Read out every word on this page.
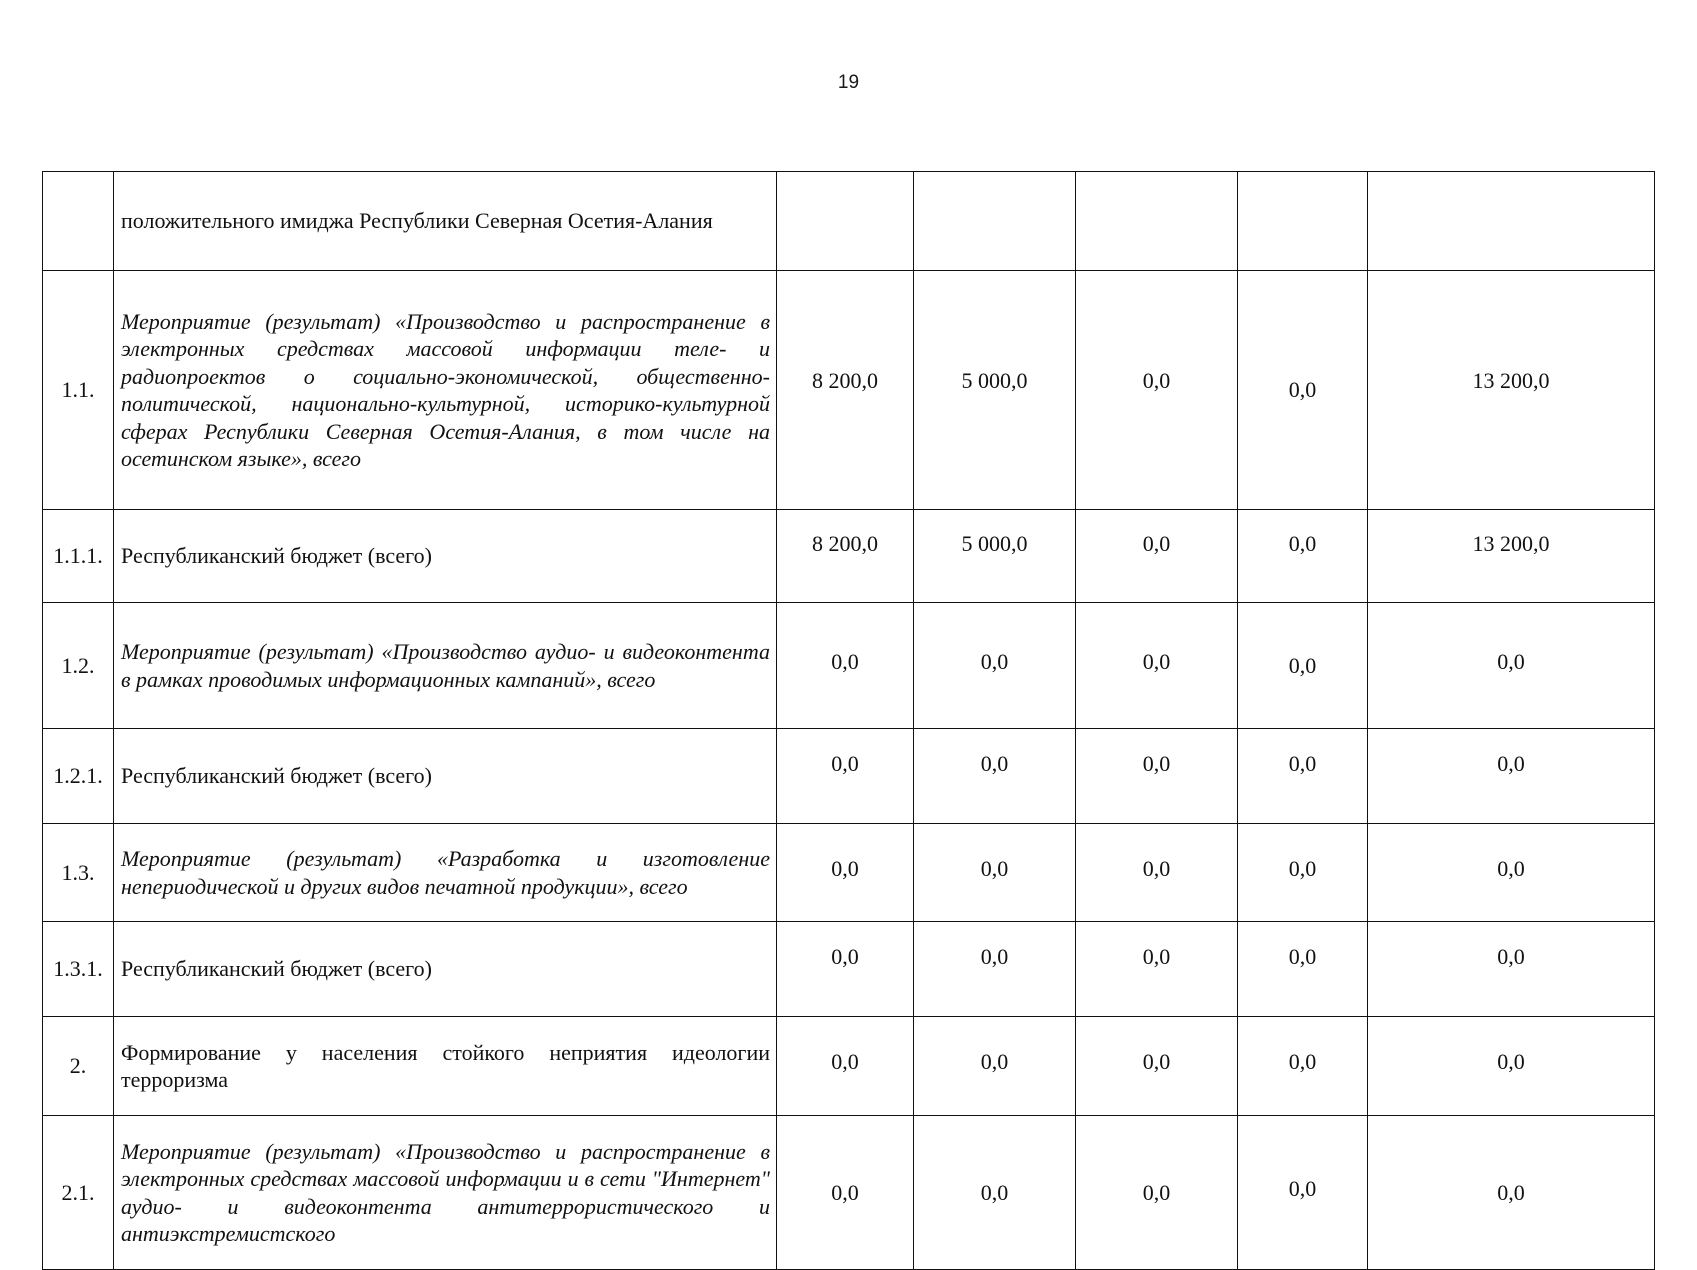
19
	положительного имиджа Республики Северная Осетия-Алания					
1.1.	Мероприятие (результат) «Производство и распространение в электронных средствах массовой информации теле- и радиопроектов о социально-экономической, общественно-политической, национально-культурной, историко-культурной сферах Республики Северная Осетия-Алания, в том числе на осетинском языке», всего	8 200,0	5 000,0	0,0	0,0	13 200,0
1.1.1.	Республиканский бюджет (всего)	8 200,0	5 000,0	0,0	0,0	13 200,0
1.2.	Мероприятие (результат) «Производство аудио- и видеоконтента в рамках проводимых информационных кампаний», всего	0,0	0,0	0,0	0,0	0,0
1.2.1.	Республиканский бюджет (всего)	0,0	0,0	0,0	0,0	0,0
1.3.	Мероприятие (результат) «Разработка и изготовление непериодической и других видов печатной продукции», всего	0,0	0,0	0,0	0,0	0,0
1.3.1.	Республиканский бюджет (всего)	0,0	0,0	0,0	0,0	0,0
2.	Формирование у населения стойкого неприятия идеологии терроризма	0,0	0,0	0,0	0,0	0,0
2.1.	Мероприятие (результат) «Производство и распространение в электронных средствах массовой информации и в сети "Интернет" аудио- и видеоконтента антитеррористического и антиэкстремистского	0,0	0,0	0,0	0,0	0,0
